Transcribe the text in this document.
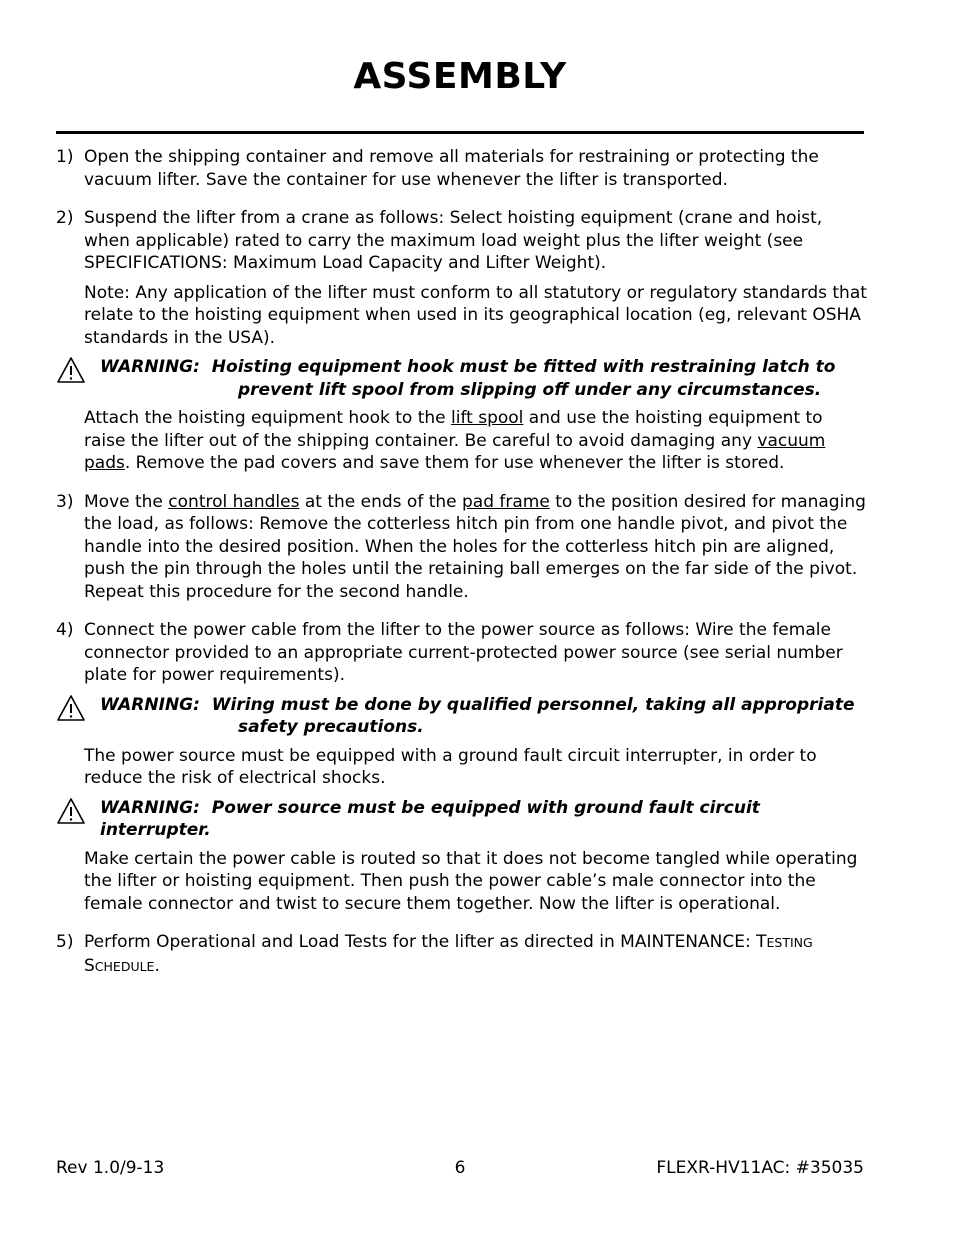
ASSEMBLY
1) Open the shipping container and remove all materials for restraining or protecting the vacuum lifter. Save the container for use whenever the lifter is transported.

2) Suspend the lifter from a crane as follows: Select hoisting equipment (crane and hoist, when applicable) rated to carry the maximum load weight plus the lifter weight (see SPECIFICATIONS: Maximum Load Capacity and Lifter Weight).

Note: Any application of the lifter must conform to all statutory or regulatory standards that relate to the hoisting equipment when used in its geographical location (eg, relevant OSHA standards in the USA).

WARNING: Hoisting equipment hook must be fitted with restraining latch to
prevent lift spool from slipping off under any circumstances.

Attach the hoisting equipment hook to the lift spool and use the hoisting equipment to raise the lifter out of the shipping container. Be careful to avoid damaging any vacuum pads. Remove the pad covers and save them for use whenever the lifter is stored.

3) Move the control handles at the ends of the pad frame to the position desired for managing the load, as follows: Remove the cotterless hitch pin from one handle pivot, and pivot the handle into the desired position. When the holes for the cotterless hitch pin are aligned, push the pin through the holes until the retaining ball emerges on the far side of the pivot. Repeat this procedure for the second handle.

4) Connect the power cable from the lifter to the power source as follows: Wire the female connector provided to an appropriate current-protected power source (see serial number plate for power requirements).

WARNING: Wiring must be done by qualified personnel, taking all appropriate
safety precautions.

The power source must be equipped with a ground fault circuit interrupter, in order to reduce the risk of electrical shocks.

WARNING: Power source must be equipped with ground fault circuit interrupter.

Make certain the power cable is routed so that it does not become tangled while operating the lifter or hoisting equipment. Then push the power cable’s male connector into the female connector and twist to secure them together. Now the lifter is operational.

5) Perform Operational and Load Tests for the lifter as directed in MAINTENANCE: TESTING SCHEDULE.

Rev 1.0/9-13	6	FLEXR-HV11AC: #35035
